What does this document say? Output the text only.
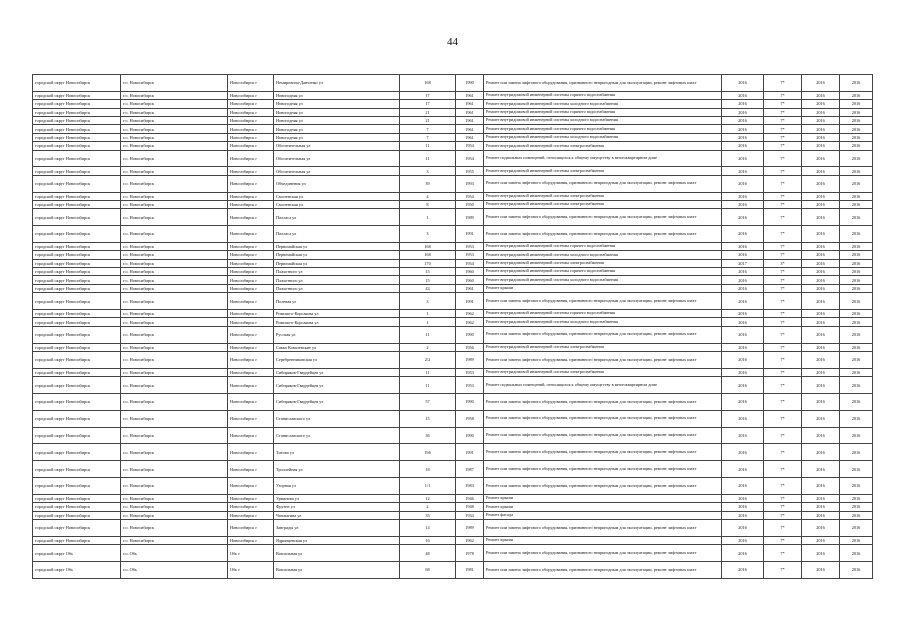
44
городской округ Новосибирск	г.о. Новосибирск	Новосибирск г	Немировича-Данченко ул	168	1990	Ремонт или замена лифтового оборудования, признанного непригодным для эксплуатации, ремонт лифтовых шахт	2016	7*	2016	2016
городской округ Новосибирск	г.о. Новосибирск	Новосибирск г	Новогодняя ул	17	1961	Ремонт внутридомовой инженерной системы горячего водоснабжения	2016	7*	2016	2016
городской округ Новосибирск	г.о. Новосибирск	Новосибирск г	Новогодняя ул	17	1961	Ремонт внутридомовой инженерной системы холодного водоснабжения	2016	7*	2016	2016
городской округ Новосибирск	г.о. Новосибирск	Новосибирск г	Новогодняя ул	21	1961	Ремонт внутридомовой инженерной системы горячего водоснабжения	2016	7*	2016	2016
городской округ Новосибирск	г.о. Новосибирск	Новосибирск г	Новогодняя ул	21	1961	Ремонт внутридомовой инженерной системы холодного водоснабжения	2016	7*	2016	2016
городской округ Новосибирск	г.о. Новосибирск	Новосибирск г	Новогодняя ул	7	1961	Ремонт внутридомовой инженерной системы горячего водоснабжения	2016	7*	2016	2016
городской округ Новосибирск	г.о. Новосибирск	Новосибирск г	Новогодняя ул	7	1961	Ремонт внутридомовой инженерной системы холодного водоснабжения	2016	7*	2016	2016
городской округ Новосибирск	г.о. Новосибирск	Новосибирск г	Обогатительная ул	11	1954	Ремонт внутридомовой инженерной системы электроснабжения	2016	7*	2016	2016
городской округ Новосибирск	г.о. Новосибирск	Новосибирск г	Обогатительная ул	11	1954	Ремонт подвальных помещений, относящихся к общему имуществу в многоквартирном доме	2016	7*	2016	2016
городской округ Новосибирск	г.о. Новосибирск	Новосибирск г	Обогатительная ул	3	1955	Ремонт внутридомовой инженерной системы электроснабжения	2016	7*	2016	2016
городской округ Новосибирск	г.о. Новосибирск	Новосибирск г	Объединения ул	39	1993	Ремонт или замена лифтового оборудования, признанного непригодным для эксплуатации, ремонт лифтовых шахт	2016	7*	2016	2016
городской округ Новосибирск	г.о. Новосибирск	Новосибирск г	Смоленская ул	4	1954	Ремонт внутридомовой инженерной системы электроснабжения	2016	7*	2016	2016
городской округ Новосибирск	г.о. Новосибирск	Новосибирск г	Смоленская ул	8	1950	Ремонт внутридомовой инженерной системы электроснабжения	2016	7*	2016	2016
городской округ Новосибирск	г.о. Новосибирск	Новосибирск г	Палласа ул	1	1989	Ремонт или замена лифтового оборудования, признанного непригодным для эксплуатации, ремонт лифтовых шахт	2016	7*	2016	2016
городской округ Новосибирск	г.о. Новосибирск	Новосибирск г	Палласа ул	3	1991	Ремонт или замена лифтового оборудования, признанного непригодным для эксплуатации, ремонт лифтовых шахт	2016	7*	2016	2016
городской округ Новосибирск	г.о. Новосибирск	Новосибирск г	Первомайская ул	168	1953	Ремонт внутридомовой инженерной системы горячего водоснабжения	2016	7*	2016	2016
городской округ Новосибирск	г.о. Новосибирск	Новосибирск г	Первомайская ул	168	1953	Ремонт внутридомовой инженерной системы холодного водоснабжения	2016	7*	2016	2016
городской округ Новосибирск	г.о. Новосибирск	Новосибирск г	Первомайская ул	170	1954	Ремонт внутридомовой инженерной системы электроснабжения	2017	3*	2016	2016
городской округ Новосибирск	г.о. Новосибирск	Новосибирск г	Плахотного ул	15	1960	Ремонт внутридомовой инженерной системы горячего водоснабжения	2016	7*	2016	2016
городской округ Новосибирск	г.о. Новосибирск	Новосибирск г	Плахотного ул	15	1960	Ремонт внутридомовой инженерной системы холодного водоснабжения	2016	7*	2016	2016
городской округ Новосибирск	г.о. Новосибирск	Новосибирск г	Плахотного ул	43	1961	Ремонт крыши	2016	7*	2016	2016
городской округ Новосибирск	г.о. Новосибирск	Новосибирск г	Полевая ул	3	1991	Ремонт или замена лифтового оборудования, признанного непригодным для эксплуатации, ремонт лифтовых шахт	2016	7*	2016	2016
городской округ Новосибирск	г.о. Новосибирск	Новосибирск г	Римского-Корсакова ул	1	1962	Ремонт внутридомовой инженерной системы горячего водоснабжения	2016	7*	2016	2016
городской округ Новосибирск	г.о. Новосибирск	Новосибирск г	Римского-Корсакова ул	1	1962	Ремонт внутридомовой инженерной системы холодного водоснабжения	2016	7*	2016	2016
городской округ Новосибирск	г.о. Новосибирск	Новосибирск г	Русская ул	11	1990	Ремонт или замена лифтового оборудования, признанного непригодным для эксплуатации, ремонт лифтовых шахт	2016	7*	2016	2016
городской округ Новосибирск	г.о. Новосибирск	Новосибирск г	Сакко Ковалевские ул	2	1956	Ремонт внутридомовой инженерной системы электроснабжения	2016	7*	2016	2016
городской округ Новосибирск	г.о. Новосибирск	Новосибирск г	Серебренниковская ул	2/2	1989	Ремонт или замена лифтового оборудования, признанного непригодным для эксплуатации, ремонт лифтовых шахт	2016	7*	2016	2016
городской округ Новосибирск	г.о. Новосибирск	Новосибирск г	Сибиряков-Гвардейцев ул	11	1953	Ремонт внутридомовой инженерной системы электроснабжения	2016	7*	2016	2016
городской округ Новосибирск	г.о. Новосибирск	Новосибирск г	Сибиряков-Гвардейцев ул	11	1953	Ремонт подвальных помещений, относящихся к общему имуществу в многоквартирном доме	2016	7*	2016	2016
городской округ Новосибирск	г.о. Новосибирск	Новосибирск г	Сибиряков-Гвардейцев ул	57	1990	Ремонт или замена лифтового оборудования, признанного непригодным для эксплуатации, ремонт лифтовых шахт	2016	7*	2016	2016
городской округ Новосибирск	г.о. Новосибирск	Новосибирск г	Станиславского ул	15	1958	Ремонт или замена лифтового оборудования, признанного непригодным для эксплуатации, ремонт лифтовых шахт	2016	7*	2016	2016
городской округ Новосибирск	г.о. Новосибирск	Новосибирск г	Станиславского ул	36	1990	Ремонт или замена лифтового оборудования, признанного непригодным для эксплуатации, ремонт лифтовых шахт	2016	7*	2016	2016
городской округ Новосибирск	г.о. Новосибирск	Новосибирск г	Титова ул	196	1991	Ремонт или замена лифтового оборудования, признанного непригодным для эксплуатации, ремонт лифтовых шахт	2016	7*	2016	2016
городской округ Новосибирск	г.о. Новосибирск	Новосибирск г	Троллейная ул	18	1987	Ремонт или замена лифтового оборудования, признанного непригодным для эксплуатации, ремонт лифтовых шахт	2016	7*	2016	2016
городской округ Новосибирск	г.о. Новосибирск	Новосибирск г	Узорная ул	1/1	1983	Ремонт или замена лифтового оборудования, признанного непригодным для эксплуатации, ремонт лифтовых шахт	2016	7*	2016	2016
городской округ Новосибирск	г.о. Новосибирск	Новосибирск г	Урманова ул	12	1946	Ремонт крыши	2016	7*	2016	2016
городской округ Новосибирск	г.о. Новосибирск	Новосибирск г	Фрунзе ул	2	1948	Ремонт крыши	2016	7*	2016	2016
городской округ Новосибирск	г.о. Новосибирск	Новосибирск г	Чаплыгина ул	35	1934	Ремонт фасада	2016	7*	2016	2016
городской округ Новосибирск	г.о. Новосибирск	Новосибирск г	Занграды ул	14	1989	Ремонт или замена лифтового оборудования, признанного непригодным для эксплуатации, ремонт лифтовых шахт	2016	7*	2016	2016
городской округ Новосибирск	г.о. Новосибирск	Новосибирск г	Ядринцевская ул	16	1962	Ремонт крыши	2016	7*	2016	2016
городской округ Обь	г.о. Обь	Обь г	Вокзальная ул	48	1978	Ремонт или замена лифтового оборудования, признанного непригодным для эксплуатации, ремонт лифтовых шахт	2016	7*	2016	2016
городской округ Обь	г.о. Обь	Обь г	Вокзальная ул	68	1981	Ремонт или замена лифтового оборудования, признанного непригодным для эксплуатации, ремонт лифтовых шахт	2016	7*	2016	2016
